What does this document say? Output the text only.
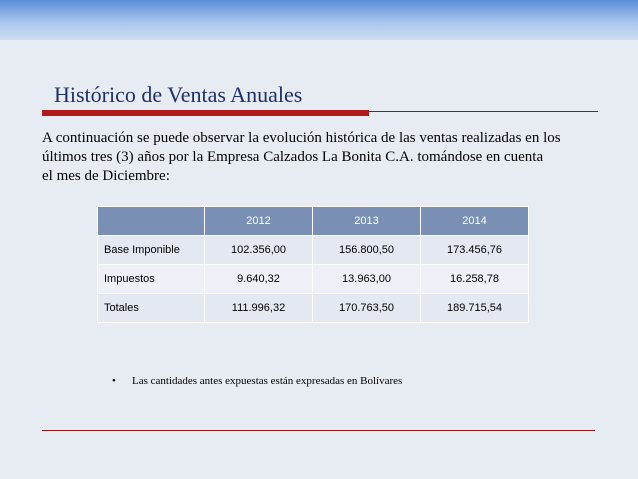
Histórico de Ventas Anuales
A continuación se puede observar la evolución histórica de las ventas realizadas en los
últimos tres (3) años por la Empresa Calzados La Bonita C.A. tomándose en cuenta
el mes de Diciembre:
	2012	2013	2014
Base Imponible	102.356,00	156.800,50	173.456,76
Impuestos	9.640,32	13.963,00	16.258,78
Totales	111.996,32	170.763,50	189.715,54
• Las cantidades antes expuestas están expresadas en Bolívares
